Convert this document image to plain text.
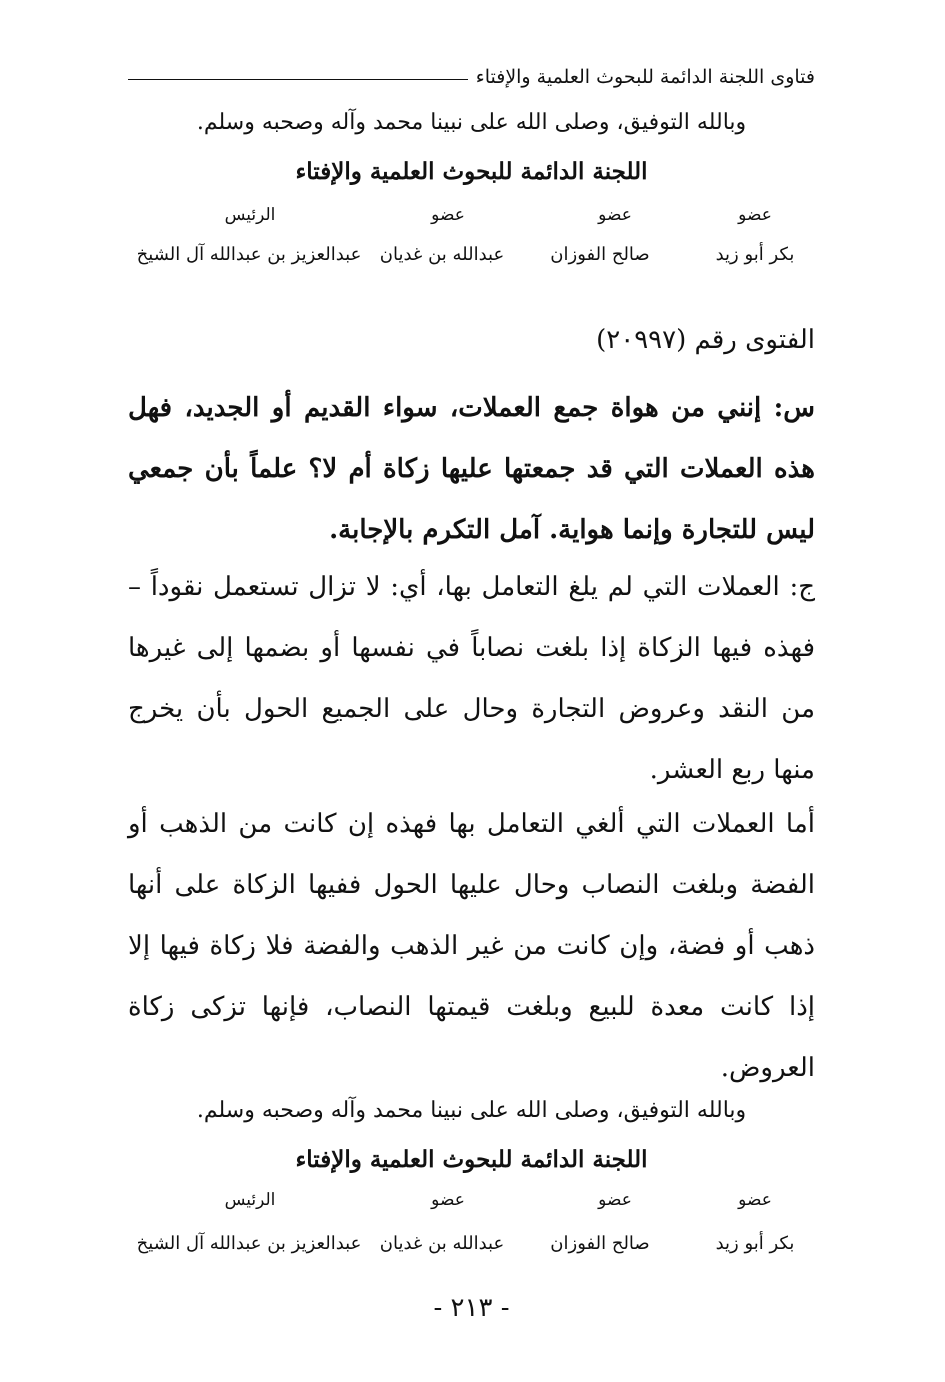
فتاوى اللجنة الدائمة للبحوث العلمية والإفتاء
وبالله التوفيق، وصلى الله على نبينا محمد وآله وصحبه وسلم.
اللجنة الدائمة للبحوث العلمية والإفتاء
عضو
عضو
عضو
الرئيس
بكر أبو زيد
صالح الفوزان
عبدالله بن غديان
عبدالعزيز بن عبدالله آل الشيخ
الفتوى رقم (٢٠٩٩٧)

س: إنني من هواة جمع العملات، سواء القديم أو الجديد، فهل هذه العملات التي قد جمعتها عليها زكاة أم لا؟ علماً بأن جمعي ليس للتجارة وإنما هواية. آمل التكرم بالإجابة.

ج: العملات التي لم يلغ التعامل بها، أي: لا تزال تستعمل نقوداً – فهذه فيها الزكاة إذا بلغت نصاباً في نفسها أو بضمها إلى غيرها من النقد وعروض التجارة وحال على الجميع الحول بأن يخرج منها ربع العشر.

أما العملات التي ألغي التعامل بها فهذه إن كانت من الذهب أو الفضة وبلغت النصاب وحال عليها الحول ففيها الزكاة على أنها ذهب أو فضة، وإن كانت من غير الذهب والفضة فلا زكاة فيها إلا إذا كانت معدة للبيع وبلغت قيمتها النصاب، فإنها تزكى زكاة العروض.

وبالله التوفيق، وصلى الله على نبينا محمد وآله وصحبه وسلم.
اللجنة الدائمة للبحوث العلمية والإفتاء
عضو
عضو
عضو
الرئيس
بكر أبو زيد
صالح الفوزان
عبدالله بن غديان
عبدالعزيز بن عبدالله آل الشيخ
- ٢١٣ -
